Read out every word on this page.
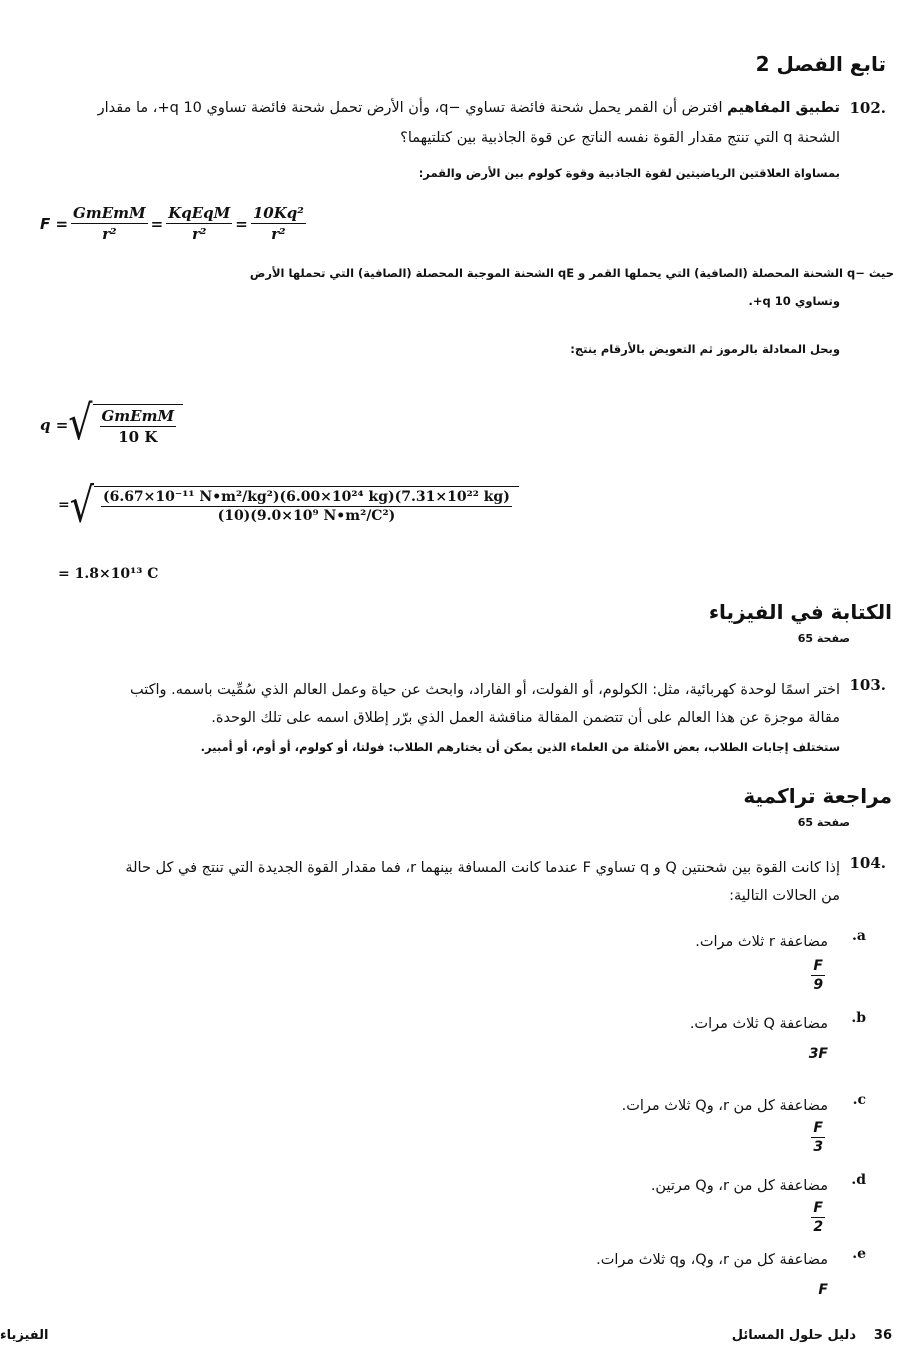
تابع الفصل 2
.102
تطبيق المفاهيم افترض أن القمر يحمل شحنة فائضة تساوي −q، وأن الأرض تحمل شحنة فائضة تساوي 10 q+، ما مقدار
الشحنة q التي تنتج مقدار القوة نفسه الناتج عن قوة الجاذبية بين كتلتيهما؟
بمساواة العلاقتين الرياضيتين لقوة الجاذبية وقوة كولوم بين الأرض والقمر:
$F = \frac{\text{GmEmM}}{\text{r²}} = \frac{\text{KqEqM}}{\text{r²}} = \frac{\text{10Kq²}}{\text{r²}}$
حيث −q الشحنة المحصلة (الصافية) التي يحملها القمر و qE الشحنة الموجبة المحصلة (الصافية) التي تحملها الأرض
وتساوي 10 q+.
وبحل المعادلة بالرموز ثم التعويض بالأرقام ينتج:
q = √ $\frac{\text{GmEmM}}{10 K}$
= √ $\frac{\text{(6.67×10⁻¹¹ N•m²/kg²)(6.00×10²⁴ kg)(7.31×10²² kg)}}{\text{(10)(9.0×10⁹ N•m²/C²)}}$
= 1.8×10¹³ C
الكتابة في الفيزياء
صفحة 65
.103
اختر اسمًا لوحدة كهربائية، مثل: الكولوم، أو الفولت، أو الفاراد، وابحث عن حياة وعمل العالم الذي سُمِّيت باسمه. واكتب
مقالة موجزة عن هذا العالم على أن تتضمن المقالة مناقشة العمل الذي برّر إطلاق اسمه على تلك الوحدة.
ستختلف إجابات الطلاب، بعض الأمثلة من العلماء الذين يمكن أن يختارهم الطلاب: فولتا، أو كولوم، أو أوم، أو أمبير.
مراجعة تراكمية
صفحة 65
.104
إذا كانت القوة بين شحنتين Q و q تساوي F عندما كانت المسافة بينهما r، فما مقدار القوة الجديدة التي تنتج في كل حالة
من الحالات التالية:
.a
مضاعفة r ثلاث مرات.
$\frac{F}{9}$
.b
مضاعفة Q ثلاث مرات.
3F
.c
مضاعفة كل من r، وQ ثلاث مرات.
$\frac{F}{3}$
.d
مضاعفة كل من r، وQ مرتين.
$\frac{F}{2}$
.e
مضاعفة كل من r، وQ، وq ثلاث مرات.
F
36
دليل حلول المسائل
الفيزياء
